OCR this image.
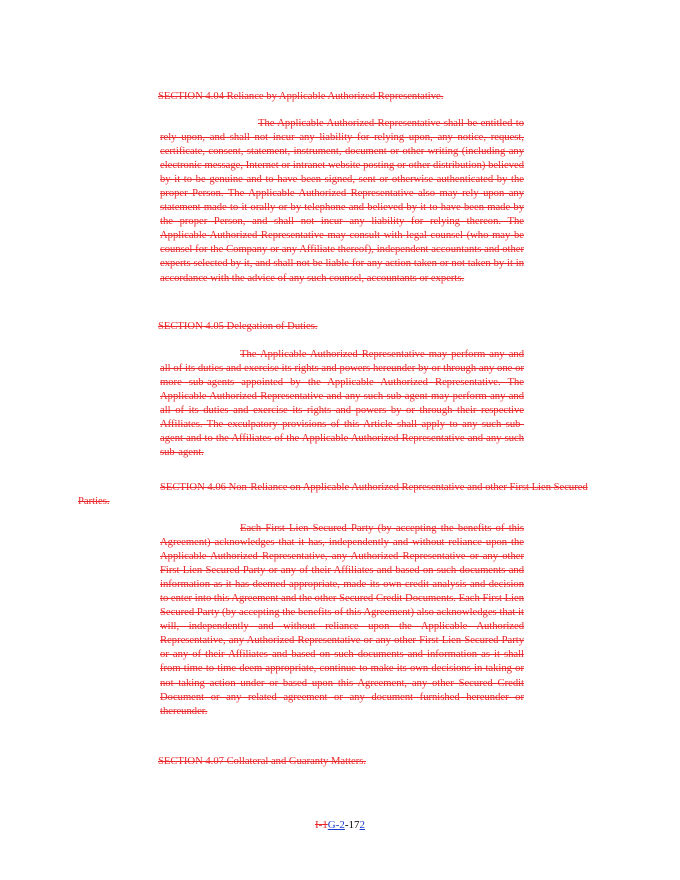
SECTION 4.04 Reliance by Applicable Authorized Representative.
The Applicable Authorized Representative shall be entitled to rely upon, and shall not incur any liability for relying upon, any notice, request, certificate, consent, statement, instrument, document or other writing (including any electronic message, Internet or intranet website posting or other distribution) believed by it to be genuine and to have been signed, sent or otherwise authenticated by the proper Person. The Applicable Authorized Representative also may rely upon any statement made to it orally or by telephone and believed by it to have been made by the proper Person, and shall not incur any liability for relying thereon. The Applicable Authorized Representative may consult with legal counsel (who may be counsel for the Company or any Affiliate thereof), independent accountants and other experts selected by it, and shall not be liable for any action taken or not taken by it in accordance with the advice of any such counsel, accountants or experts.
SECTION 4.05 Delegation of Duties.
The Applicable Authorized Representative may perform any and all of its duties and exercise its rights and powers hereunder by or through any one or more sub-agents appointed by the Applicable Authorized Representative. The Applicable Authorized Representative and any such sub-agent may perform any and all of its duties and exercise its rights and powers by or through their respective Affiliates. The exculpatory provisions of this Article shall apply to any such sub-agent and to the Affiliates of the Applicable Authorized Representative and any such sub-agent.
SECTION 4.06 Non-Reliance on Applicable Authorized Representative and other First Lien Secured Parties.
Each First Lien Secured Party (by accepting the benefits of this Agreement) acknowledges that it has, independently and without reliance upon the Applicable Authorized Representative, any Authorized Representative or any other First Lien Secured Party or any of their Affiliates and based on such documents and information as it has deemed appropriate, made its own credit analysis and decision to enter into this Agreement and the other Secured Credit Documents. Each First Lien Secured Party (by accepting the benefits of this Agreement) also acknowledges that it will, independently and without reliance upon the Applicable Authorized Representative, any Authorized Representative or any other First Lien Secured Party or any of their Affiliates and based on such documents and information as it shall from time to time deem appropriate, continue to make its own decisions in taking or not taking action under or based upon this Agreement, any other Secured Credit Document or any related agreement or any document furnished hereunder or thereunder.
SECTION 4.07 Collateral and Guaranty Matters.
I-1G-2-172
